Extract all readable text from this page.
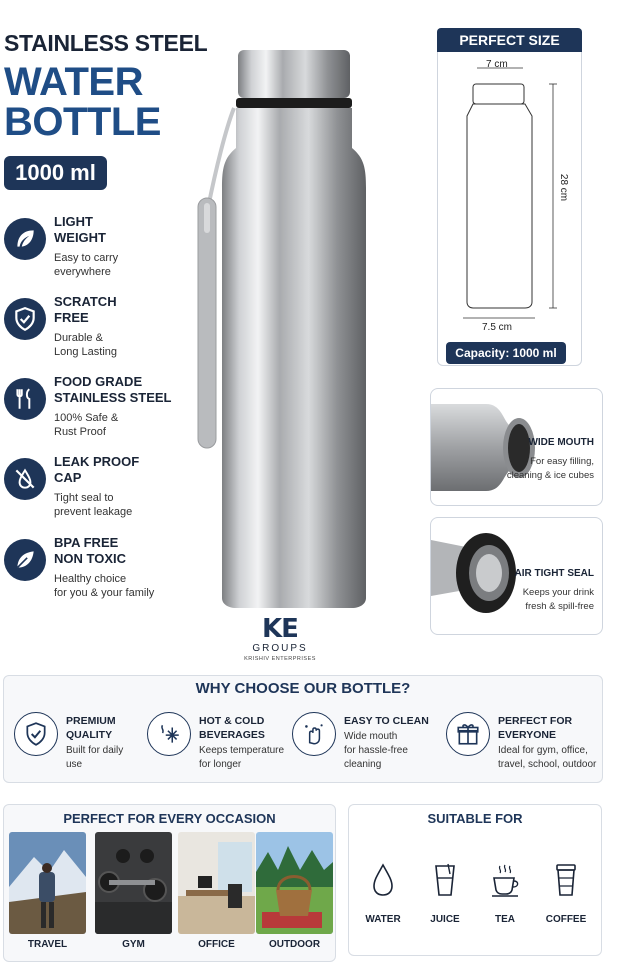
STAINLESS STEEL
WATER
BOTTLE
1000 ml
LIGHT
WEIGHT
Easy to carry
everywhere
SCRATCH
FREE
Durable &
Long Lasting
FOOD GRADE
STAINLESS STEEL
100% Safe &
Rust Proof
LEAK PROOF
CAP
Tight seal to
prevent leakage
BPA FREE
NON TOXIC
Healthy choice
for you & your family
KE
GROUPS
KRISHIV ENTERPRISES
PERFECT SIZE
7 cm
28 cm
7.5 cm
Capacity: 1000 ml
WIDE MOUTH
For easy filling,
cleaning & ice cubes
AIR TIGHT SEAL
Keeps your drink
fresh & spill-free
WHY CHOOSE OUR BOTTLE?
PREMIUM
QUALITY
Built for daily
use
HOT & COLD
BEVERAGES
Keeps temperature
for longer
EASY TO CLEAN
Wide mouth
for hassle-free
cleaning
PERFECT FOR
EVERYONE
Ideal for gym, office,
travel, school, outdoor
PERFECT FOR EVERY OCCASION
TRAVEL	GYM	OFFICE	OUTDOOR
SUITABLE FOR
WATER	JUICE	TEA	COFFEE
